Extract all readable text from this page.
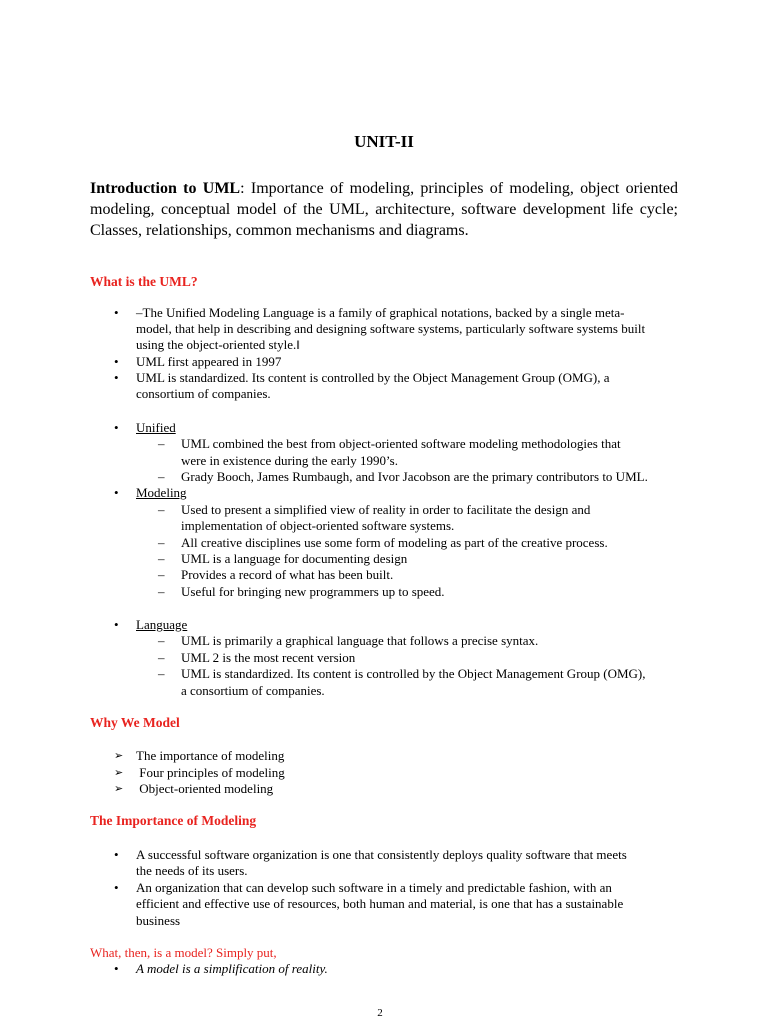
UNIT-II
Introduction to UML: Importance of modeling, principles of modeling, object oriented modeling, conceptual model of the UML, architecture, software development life cycle; Classes, relationships, common mechanisms and diagrams.
What is the UML?
• –The Unified Modeling Language is a family of graphical notations, backed by a single meta-
model, that help in describing and designing software systems, particularly software systems built
using the object-oriented style.‖
• UML first appeared in 1997
• UML is standardized. Its content is controlled by the Object Management Group (OMG), a
consortium of companies.
• Unified
– UML combined the best from object-oriented software modeling methodologies that
were in existence during the early 1990’s.
– Grady Booch, James Rumbaugh, and Ivor Jacobson are the primary contributors to UML.
• Modeling
– Used to present a simplified view of reality in order to facilitate the design and
implementation of object-oriented software systems.
– All creative disciplines use some form of modeling as part of the creative process.
– UML is a language for documenting design
– Provides a record of what has been built.
– Useful for bringing new programmers up to speed.
• Language
– UML is primarily a graphical language that follows a precise syntax.
– UML 2 is the most recent version
– UML is standardized. Its content is controlled by the Object Management Group (OMG),
a consortium of companies.
Why We Model
➢ The importance of modeling
➢ Four principles of modeling
➢ Object-oriented modeling
The Importance of Modeling
• A successful software organization is one that consistently deploys quality software that meets
the needs of its users.
• An organization that can develop such software in a timely and predictable fashion, with an
efficient and effective use of resources, both human and material, is one that has a sustainable
business
What, then, is a model? Simply put,
• A model is a simplification of reality.
2
